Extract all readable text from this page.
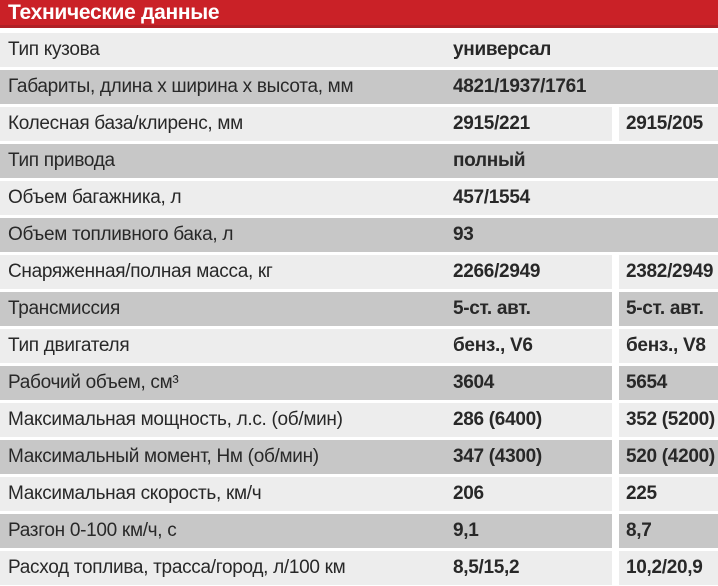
Технические данные
Тип кузова	универсал
Габариты, длина х ширина х высота, мм	4821/1937/1761
Колесная база/клиренс, мм	2915/221	2915/205
Тип привода	полный
Объем багажника, л	457/1554
Объем топливного бака, л	93
Снаряженная/полная масса, кг	2266/2949	2382/2949
Трансмиссия	5-ст. авт.	5-ст. авт.
Тип двигателя	бенз., V6	бенз., V8
Рабочий объем, см³	3604	5654
Максимальная мощность, л.с. (об/мин)	286 (6400)	352 (5200)
Максимальный момент, Нм (об/мин)	347 (4300)	520 (4200)
Максимальная скорость, км/ч	206	225
Разгон 0-100 км/ч, с	9,1	8,7
Расход топлива, трасса/город, л/100 км	8,5/15,2	10,2/20,9
